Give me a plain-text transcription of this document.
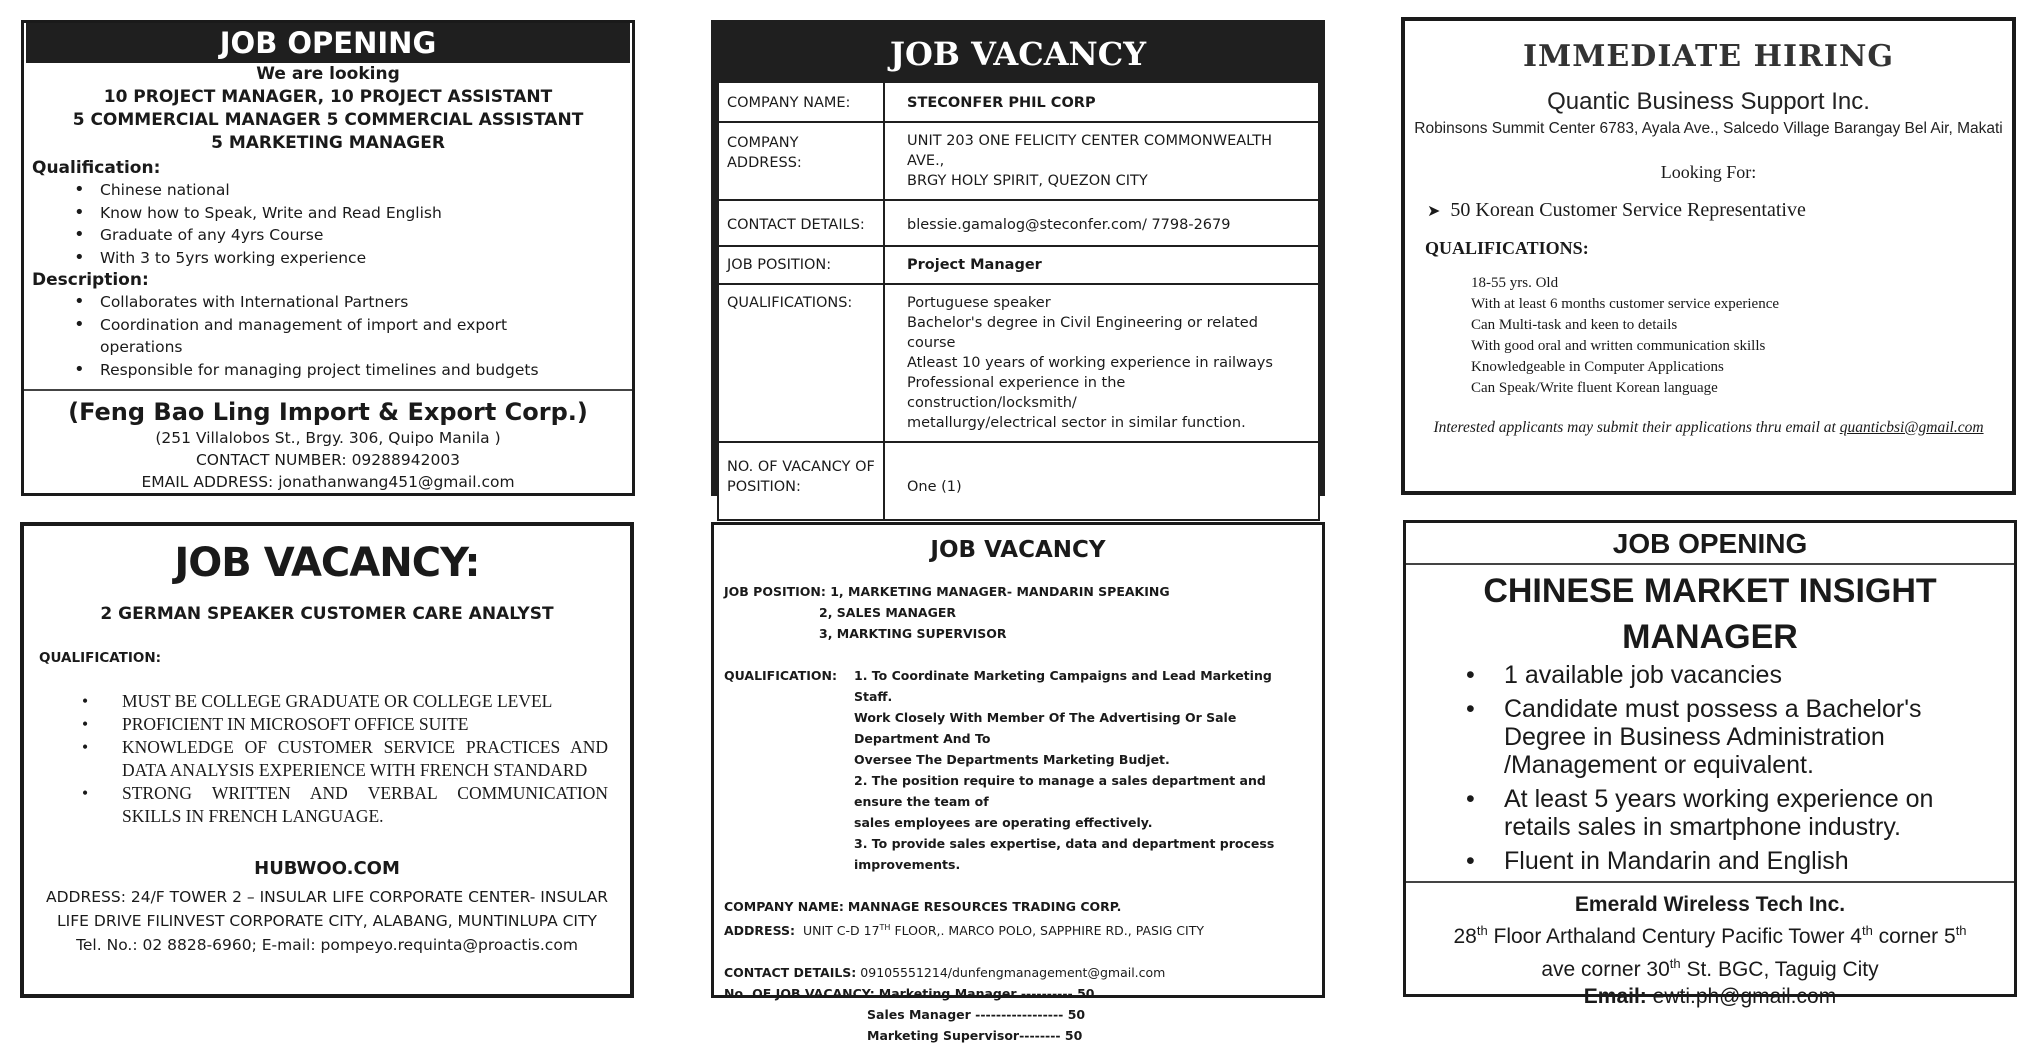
JOB OPENING
We are looking
10 PROJECT MANAGER, 10 PROJECT ASSISTANT
5 COMMERCIAL MANAGER 5 COMMERCIAL ASSISTANT
5 MARKETING MANAGER
Qualification:
• Chinese national
• Know how to Speak, Write and Read English
• Graduate of any 4yrs Course
• With 3 to 5yrs working experience
Description:
• Collaborates with International Partners
• Coordination and management of import and export operations
• Responsible for managing project timelines and budgets
(Feng Bao Ling Import & Export Corp.)
(251 Villalobos St., Brgy. 306, Quipo Manila )
CONTACT NUMBER: 09288942003
EMAIL ADDRESS: jonathanwang451@gmail.com
JOB VACANCY
COMPANY NAME:	STECONFER PHIL CORP
COMPANY ADDRESS:	UNIT 203 ONE FELICITY CENTER COMMONWEALTH AVE.,
BRGY HOLY SPIRIT, QUEZON CITY

CONTACT DETAILS:	blessie.gamalog@steconfer.com/ 7798-2679
JOB POSITION:	Project Manager
QUALIFICATIONS:	Portuguese speaker
Bachelor's degree in Civil Engineering or related course
Atleast 10 years of working experience in railways
Professional experience in the construction/locksmith/
metallurgy/electrical sector in similar function.

NO. OF VACANCY OF POSITION:	One (1)
IMMEDIATE HIRING
Quantic Business Support Inc.
Robinsons Summit Center 6783, Ayala Ave., Salcedo Village Barangay Bel Air, Makati
Looking For:
➤ 50 Korean Customer Service Representative
QUALIFICATIONS:
18-55 yrs. Old
With at least 6 months customer service experience
Can Multi-task and keen to details
With good oral and written communication skills
Knowledgeable in Computer Applications
Can Speak/Write fluent Korean language
Interested applicants may submit their applications thru email at quanticbsi@gmail.com
JOB VACANCY:
2 GERMAN SPEAKER CUSTOMER CARE ANALYST
QUALIFICATION:
• MUST BE COLLEGE GRADUATE OR COLLEGE LEVEL
• PROFICIENT IN MICROSOFT OFFICE SUITE
• KNOWLEDGE OF CUSTOMER SERVICE PRACTICES AND DATA ANALYSIS EXPERIENCE WITH FRENCH STANDARD
• STRONG WRITTEN AND VERBAL COMMUNICATION SKILLS IN FRENCH LANGUAGE.
HUBWOO.COM
ADDRESS: 24/F TOWER 2 – INSULAR LIFE CORPORATE CENTER- INSULAR LIFE DRIVE FILINVEST CORPORATE CITY, ALABANG, MUNTINLUPA CITY
Tel. No.: 02 8828-6960; E-mail: pompeyo.requinta@proactis.com
JOB VACANCY
JOB POSITION: 1, MARKETING MANAGER- MANDARIN SPEAKING
2, SALES MANAGER
3, MARKTING SUPERVISOR
QUALIFICATION: 1. To Coordinate Marketing Campaigns and Lead Marketing Staff.
Work Closely With Member Of The Advertising Or Sale Department And To
Oversee The Departments Marketing Budjet.
2. The position require to manage a sales department and ensure the team of
sales employees are operating effectively.
3. To provide sales expertise, data and department process improvements.
COMPANY NAME: MANNAGE RESOURCES TRADING CORP.
ADDRESS: UNIT C-D 17TH FLOOR,. MARCO POLO, SAPPHIRE RD., PASIG CITY
CONTACT DETAILS: 09105551214/dunfengmanagement@gmail.com
No. OF JOB VACANCY: Marketing Manager ---------- 50
Sales Manager ----------------- 50
Marketing Supervisor-------- 50
JOB OPENING
CHINESE MARKET INSIGHT
MANAGER
• 1 available job vacancies
• Candidate must possess a Bachelor's Degree in Business Administration /Management or equivalent.
• At least 5 years working experience on retails sales in smartphone industry.
• Fluent in Mandarin and English
Emerald Wireless Tech Inc.
28th Floor Arthaland Century Pacific Tower 4th corner 5th
ave corner 30th St. BGC, Taguig City
Email: ewti.ph@gmail.com
